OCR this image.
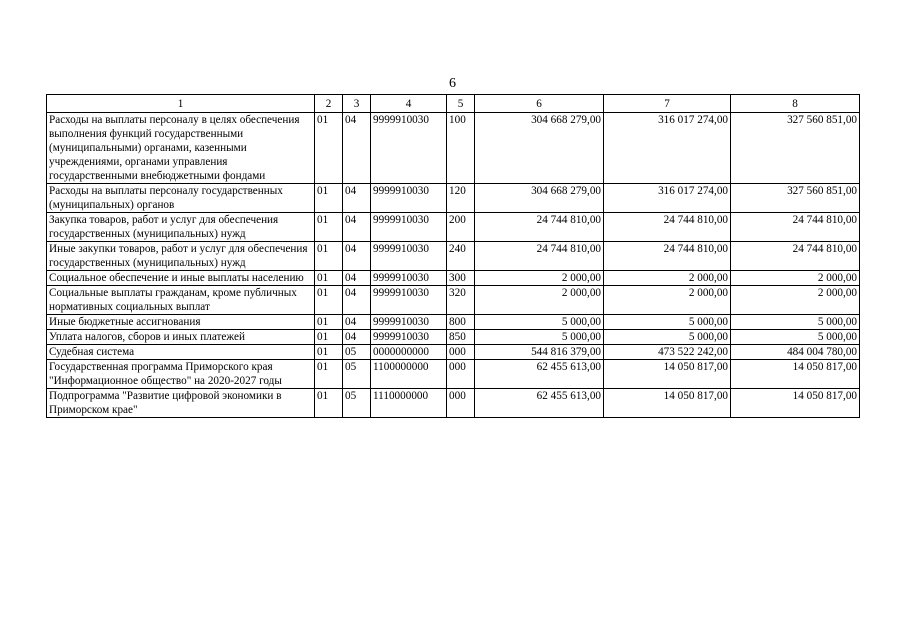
6
1	2	3	4	5	6	7	8
Расходы на выплаты персоналу в целях обеспечения выполнения функций государственными (муниципальными) органами, казенными учреждениями, органами управления государственными внебюджетными фондами	01	04	9999910030	100	304 668 279,00	316 017 274,00	327 560 851,00
Расходы на выплаты персоналу государственных (муниципальных) органов	01	04	9999910030	120	304 668 279,00	316 017 274,00	327 560 851,00
Закупка товаров, работ и услуг для обеспечения государственных (муниципальных) нужд	01	04	9999910030	200	24 744 810,00	24 744 810,00	24 744 810,00
Иные закупки товаров, работ и услуг для обеспечения государственных (муниципальных) нужд	01	04	9999910030	240	24 744 810,00	24 744 810,00	24 744 810,00
Социальное обеспечение и иные выплаты населению	01	04	9999910030	300	2 000,00	2 000,00	2 000,00
Социальные выплаты гражданам, кроме публичных нормативных социальных выплат	01	04	9999910030	320	2 000,00	2 000,00	2 000,00
Иные бюджетные ассигнования	01	04	9999910030	800	5 000,00	5 000,00	5 000,00
Уплата налогов, сборов и иных платежей	01	04	9999910030	850	5 000,00	5 000,00	5 000,00
Судебная система	01	05	0000000000	000	544 816 379,00	473 522 242,00	484 004 780,00
Государственная программа Приморского края "Информационное общество" на 2020-2027 годы	01	05	1100000000	000	62 455 613,00	14 050 817,00	14 050 817,00
Подпрограмма "Развитие цифровой экономики в Приморском крае"	01	05	1110000000	000	62 455 613,00	14 050 817,00	14 050 817,00
